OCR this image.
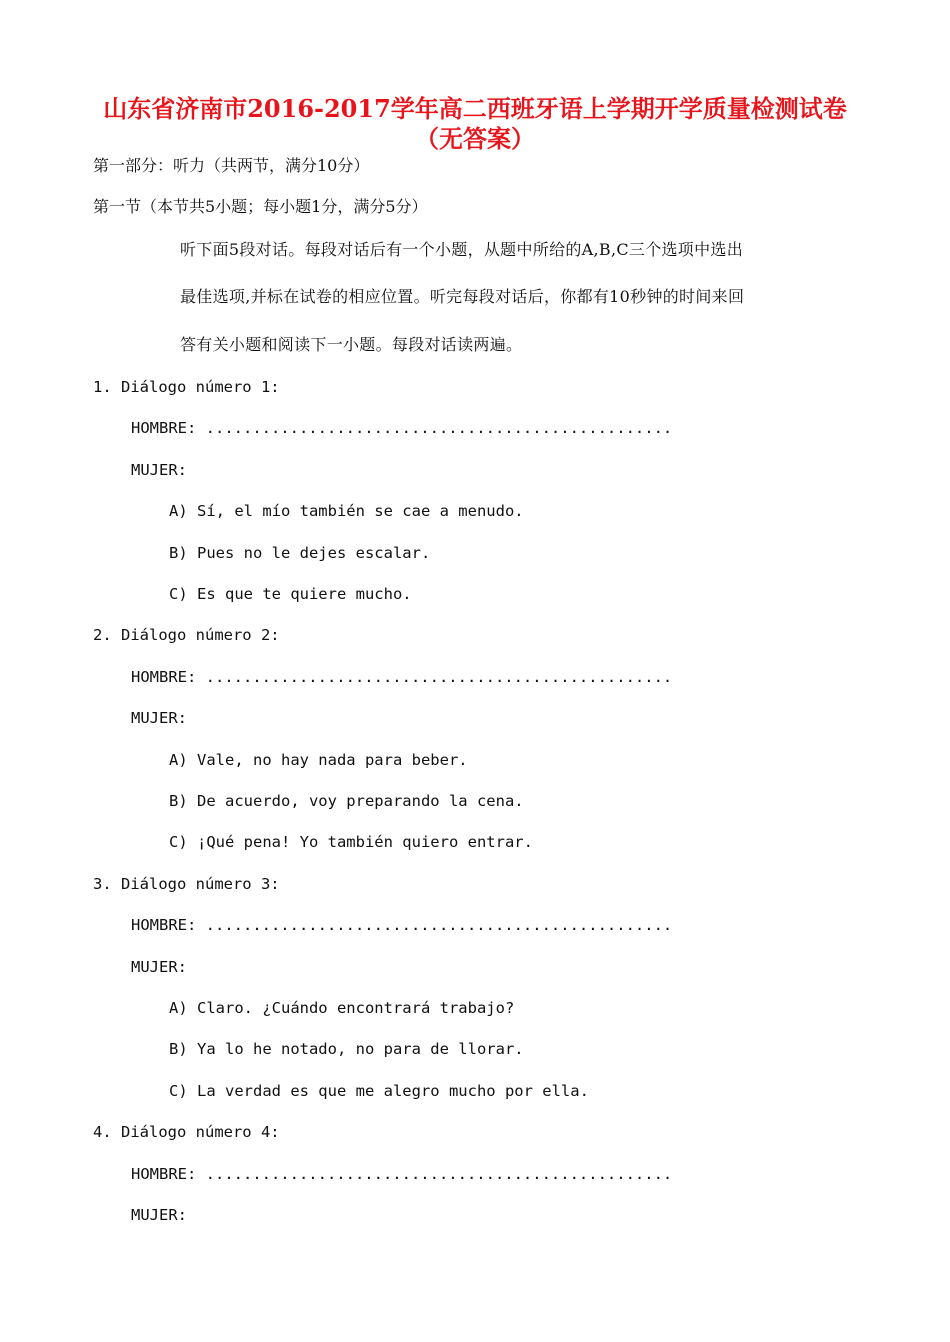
山东省济南市2016-2017学年高二西班牙语上学期开学质量检测试卷
（无答案）
第一部分：听力（共两节，满分10分）
第一节（本节共5小题；每小题1分，满分5分）
听下面5段对话。每段对话后有一个小题，从题中所给的A,B,C三个选项中选出
最佳选项,并标在试卷的相应位置。听完每段对话后，你都有10秒钟的时间来回
答有关小题和阅读下一小题。每段对话读两遍。
1. Diálogo número 1:
HOMBRE: ..................................................
MUJER:
A) Sí, el mío también se cae a menudo.
B) Pues no le dejes escalar.
C) Es que te quiere mucho.
2. Diálogo número 2:
HOMBRE: ..................................................
MUJER:
A) Vale, no hay nada para beber.
B) De acuerdo, voy preparando la cena.
C) ¡Qué pena! Yo también quiero entrar.
3. Diálogo número 3:
HOMBRE: ..................................................
MUJER:
A) Claro. ¿Cuándo encontrará trabajo?
B) Ya lo he notado, no para de llorar.
C) La verdad es que me alegro mucho por ella.
4. Diálogo número 4:
HOMBRE: ..................................................
MUJER:
